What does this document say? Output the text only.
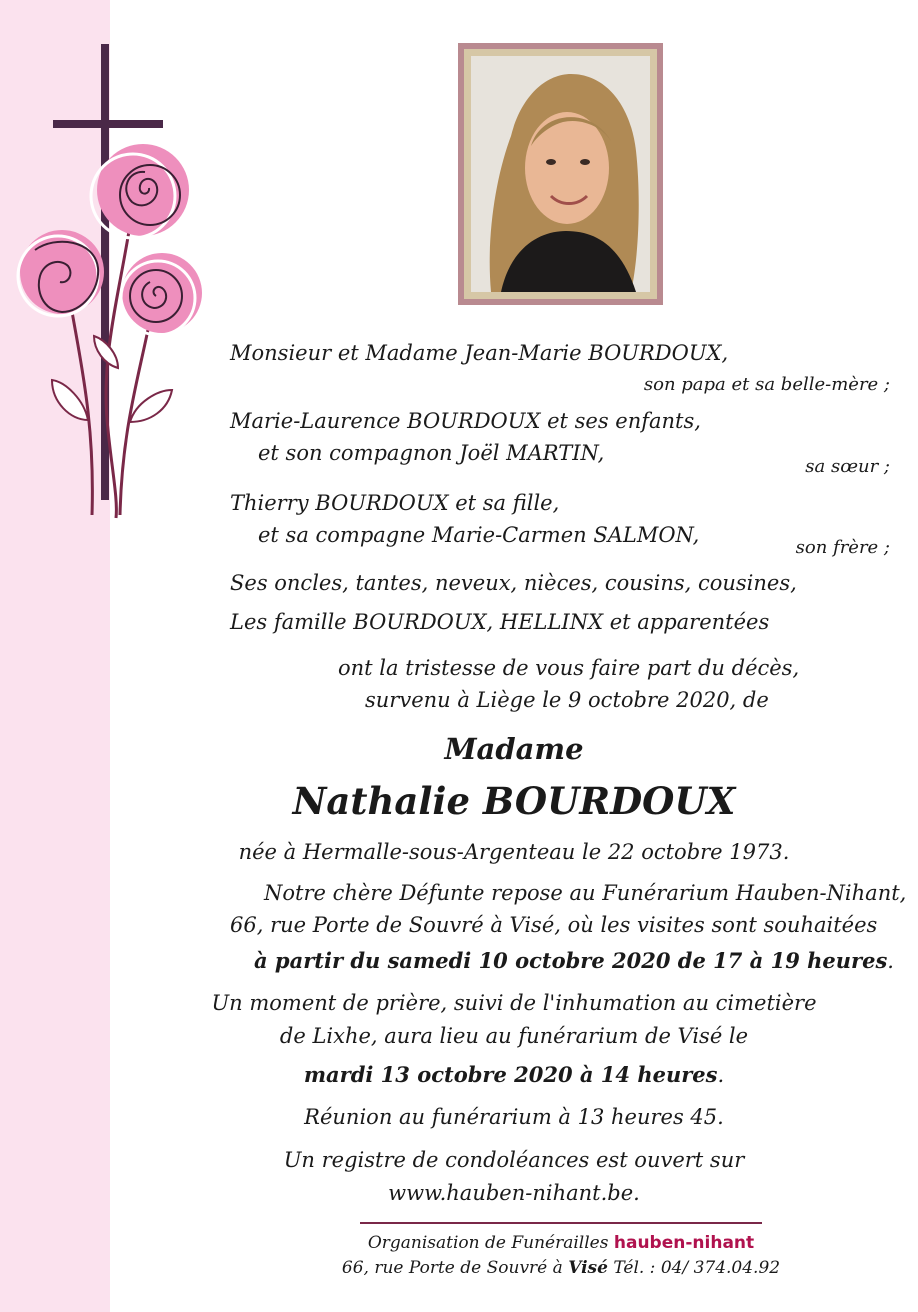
Monsieur et Madame Jean-Marie BOURDOUX,

son papa et sa belle-mère ;

Marie-Laurence BOURDOUX et ses enfants,

et son compagnon Joël MARTIN,

sa sœur ;

Thierry BOURDOUX et sa fille,

et sa compagne Marie-Carmen SALMON,

son frère ;

Ses oncles, tantes, neveux, nièces, cousins, cousines,

Les famille BOURDOUX, HELLINX et apparentées

ont la tristesse de vous faire part du décès,

survenu à Liège le 9 octobre 2020, de

Madame

Nathalie BOURDOUX

née à Hermalle-sous-Argenteau le 22 octobre 1973.

Notre chère Défunte repose au Funérarium Hauben-Nihant,

66, rue Porte de Souvré à Visé, où les visites sont souhaitées

à partir du samedi 10 octobre 2020 de 17 à 19 heures.

Un moment de prière, suivi de l'inhumation au cimetière

de Lixhe, aura lieu au funérarium de Visé le

mardi 13 octobre 2020 à 14 heures.

Réunion au funérarium à 13 heures 45.

Un registre de condoléances est ouvert sur

www.hauben-nihant.be.

Organisation de Funérailles hauben-nihant

66, rue Porte de Souvré à Visé Tél. : 04/ 374.04.92
